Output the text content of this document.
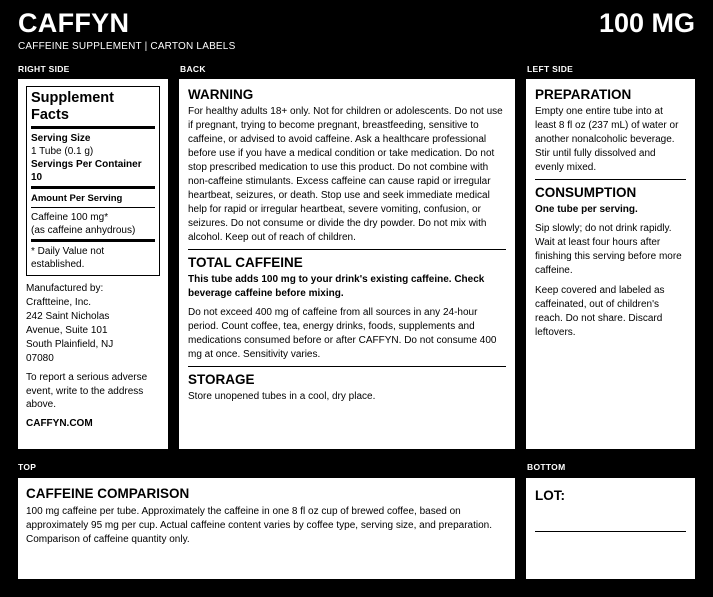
CAFFYN	100 MG
CAFFEINE SUPPLEMENT | CARTON LABELS
RIGHT SIDE	BACK	LEFT SIDE
TOP	BOTTOM
Supplement Facts
Serving Size
1 Tube (0.1 g)
Servings Per Container 10
Amount Per Serving
Caffeine 100 mg*
(as caffeine anhydrous)
* Daily Value not established.
Manufactured by:
Craftteine, Inc.
242 Saint Nicholas
Avenue, Suite 101
South Plainfield, NJ
07080
To report a serious adverse event, write to the address above.
CAFFYN.COM
WARNING
For healthy adults 18+ only. Not for children or adolescents. Do not use if pregnant, trying to become pregnant, breastfeeding, sensitive to caffeine, or advised to avoid caffeine. Ask a healthcare professional before use if you have a medical condition or take medication. Do not stop prescribed medication to use this product. Do not combine with non-caffeine stimulants. Excess caffeine can cause rapid or irregular heartbeat, seizures, or death. Stop use and seek immediate medical help for rapid or irregular heartbeat, severe vomiting, confusion, or seizures. Do not consume or divide the dry powder. Do not mix with alcohol. Keep out of reach of children.
TOTAL CAFFEINE
This tube adds 100 mg to your drink's existing caffeine. Check beverage caffeine before mixing.
Do not exceed 400 mg of caffeine from all sources in any 24-hour period. Count coffee, tea, energy drinks, foods, supplements and medications consumed before or after CAFFYN. Do not consume 400 mg at once. Sensitivity varies.
STORAGE
Store unopened tubes in a cool, dry place.
PREPARATION
Empty one entire tube into at least 8 fl oz (237 mL) of water or another nonalcoholic beverage. Stir until fully dissolved and evenly mixed.
CONSUMPTION
One tube per serving.
Sip slowly; do not drink rapidly. Wait at least four hours after finishing this serving before more caffeine.
Keep covered and labeled as caffeinated, out of children's reach. Do not share. Discard leftovers.
CAFFEINE COMPARISON
100 mg caffeine per tube. Approximately the caffeine in one 8 fl oz cup of brewed coffee, based on approximately 95 mg per cup. Actual caffeine content varies by coffee type, serving size, and preparation. Comparison of caffeine quantity only.
LOT:
